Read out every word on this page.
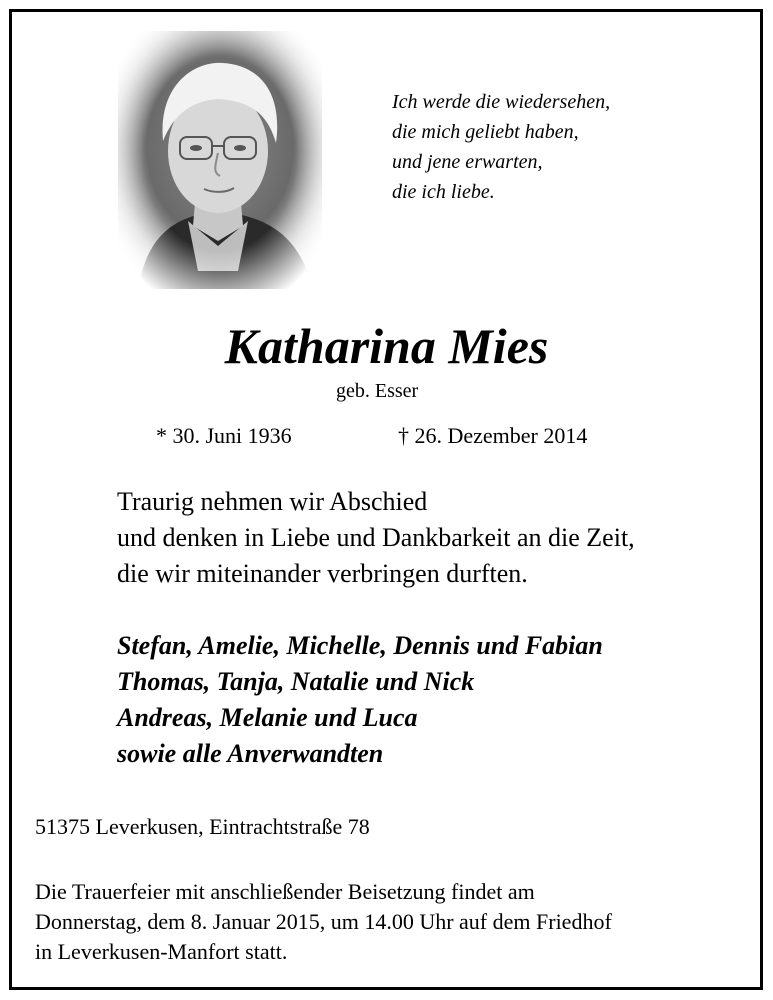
Ich werde die wiedersehen,
die mich geliebt haben,
und jene erwarten,
die ich liebe.
Katharina Mies
geb. Esser
* 30. Juni 1936	† 26. Dezember 2014
Traurig nehmen wir Abschied
und denken in Liebe und Dankbarkeit an die Zeit,
die wir miteinander verbringen durften.
Stefan, Amelie, Michelle, Dennis und Fabian
Thomas, Tanja, Natalie und Nick
Andreas, Melanie und Luca
sowie alle Anverwandten
51375 Leverkusen, Eintrachtstraße 78
Die Trauerfeier mit anschließender Beisetzung findet am
Donnerstag, dem 8. Januar 2015, um 14.00 Uhr auf dem Friedhof
in Leverkusen-Manfort statt.
